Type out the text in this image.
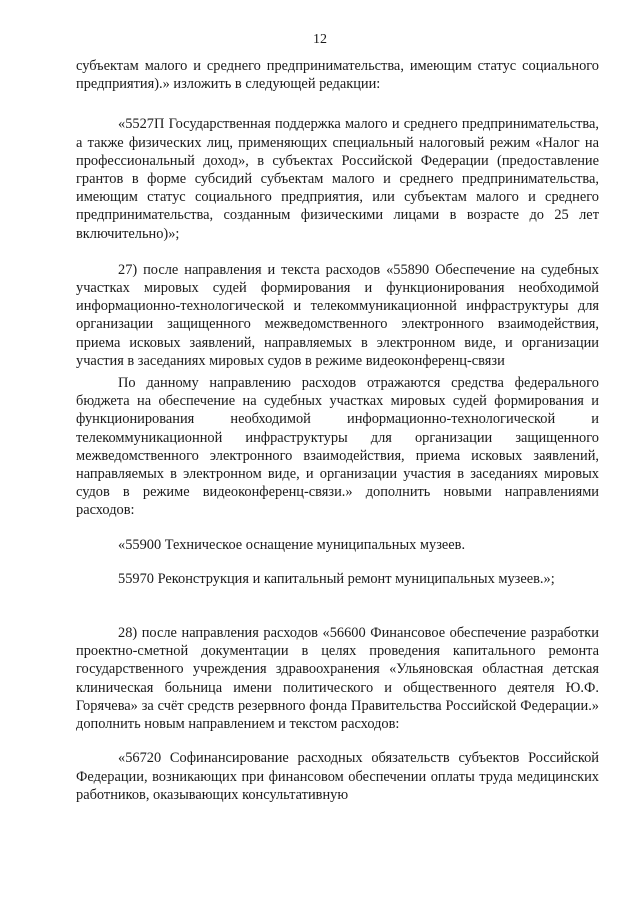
12

субъектам малого и среднего предпринимательства, имеющим статус социального предприятия).» изложить в следующей редакции:

«5527П Государственная поддержка малого и среднего предпринимательства, а также физических лиц, применяющих специальный налоговый режим «Налог на профессиональный доход», в субъектах Российской Федерации (предоставление грантов в форме субсидий субъектам малого и среднего предпринимательства, имеющим статус социального предприятия, или субъектам малого и среднего предпринимательства, созданным физическими лицами в возрасте до 25 лет включительно)»;

27) после направления и текста расходов «55890 Обеспечение на судебных участках мировых судей формирования и функционирования необходимой информационно-технологической и телекоммуникационной инфраструктуры для организации защищенного межведомственного электронного взаимодействия, приема исковых заявлений, направляемых в электронном виде, и организации участия в заседаниях мировых судов в режиме видеоконференц-связи

По данному направлению расходов отражаются средства федерального бюджета на обеспечение на судебных участках мировых судей формирования и функционирования необходимой информационно-технологической и телекоммуникационной инфраструктуры для организации защищенного межведомственного электронного взаимодействия, приема исковых заявлений, направляемых в электронном виде, и организации участия в заседаниях мировых судов в режиме видеоконференц-связи.» дополнить новыми направлениями расходов:

«55900 Техническое оснащение муниципальных музеев.

55970 Реконструкция и капитальный ремонт муниципальных музеев.»;

28) после направления расходов «56600 Финансовое обеспечение разработки проектно-сметной документации в целях проведения капитального ремонта государственного учреждения здравоохранения «Ульяновская областная детская клиническая больница имени политического и общественного деятеля Ю.Ф. Горячева» за счёт средств резервного фонда Правительства Российской Федерации.» дополнить новым направлением и текстом расходов:

«56720 Софинансирование расходных обязательств субъектов Российской Федерации, возникающих при финансовом обеспечении оплаты труда медицинских работников, оказывающих консультативную
